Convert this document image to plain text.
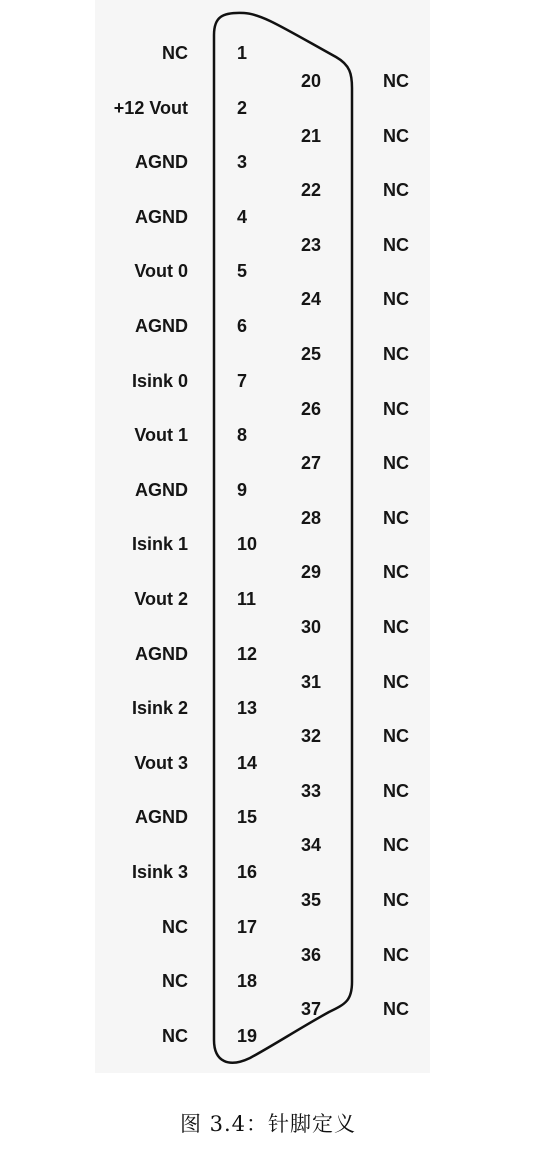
NC	1
+12 Vout	2
AGND	3
AGND	4
Vout 0	5
AGND	6
Isink 0	7
Vout 1	8
AGND	9
Isink 1	10
Vout 2	11
AGND	12
Isink 2	13
Vout 3	14
AGND	15
Isink 3	16
NC	17
NC	18
NC	19
20	NC
21	NC
22	NC
23	NC
24	NC
25	NC
26	NC
27	NC
28	NC
29	NC
30	NC
31	NC
32	NC
33	NC
34	NC
35	NC
36	NC
37	NC
图 3.4：针脚定义
